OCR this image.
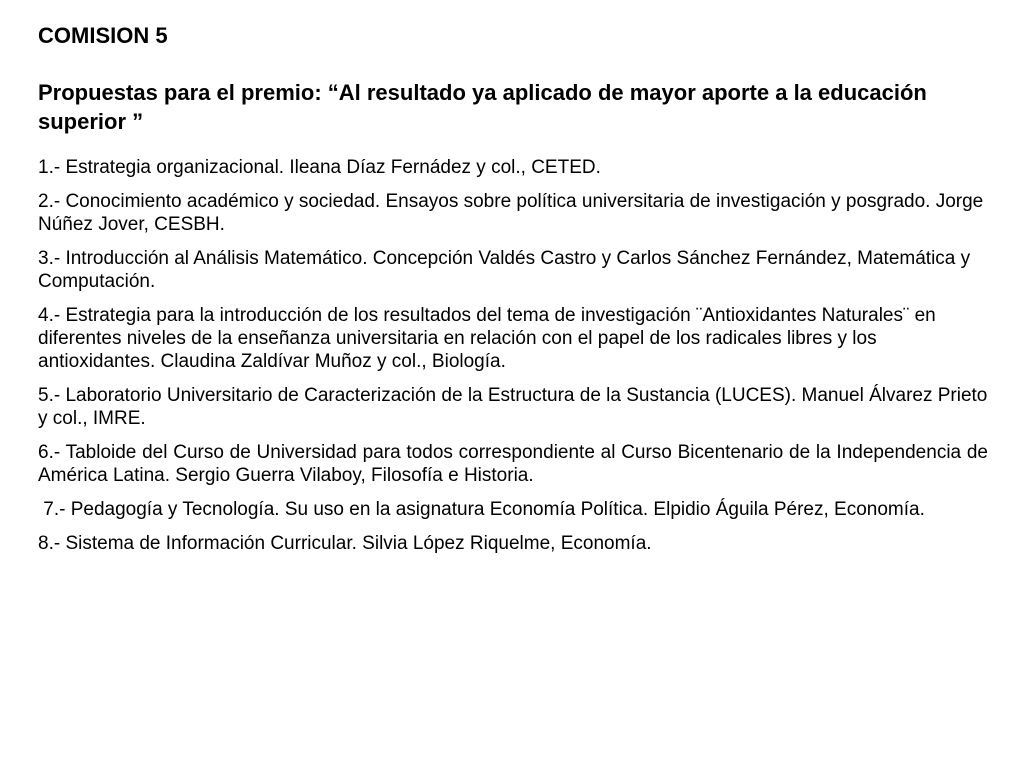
COMISION 5
Propuestas para el premio: “Al resultado ya aplicado de mayor aporte a la educación superior ”
1.- Estrategia organizacional. Ileana Díaz Fernádez y col., CETED.
2.- Conocimiento académico y sociedad. Ensayos sobre política universitaria de investigación y posgrado. Jorge Núñez Jover, CESBH.
3.- Introducción al Análisis Matemático. Concepción Valdés Castro y Carlos Sánchez Fernández, Matemática y Computación.
4.- Estrategia para la introducción de los resultados del tema de investigación ¨Antioxidantes Naturales¨ en diferentes niveles de la enseñanza universitaria en relación con el papel de los radicales libres y los antioxidantes. Claudina Zaldívar Muñoz y col., Biología.
5.- Laboratorio Universitario de Caracterización de la Estructura de la Sustancia (LUCES). Manuel Álvarez Prieto y col., IMRE.
6.- Tabloide del Curso de Universidad para todos correspondiente al Curso Bicentenario de la Independencia de América Latina. Sergio Guerra Vilaboy, Filosofía e Historia.
7.- Pedagogía y Tecnología. Su uso en la asignatura Economía Política. Elpidio Águila Pérez, Economía.
8.- Sistema de Información Curricular. Silvia López Riquelme, Economía.
